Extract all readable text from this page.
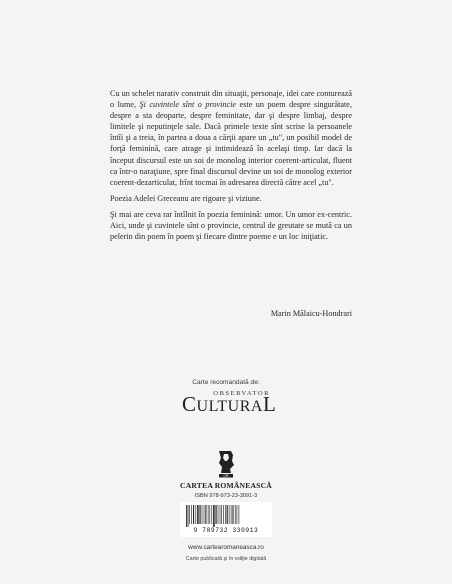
Cu un schelet narativ construit din situaţii, personaje, idei care conturează o lume, Şi cuvintele sînt o provincie este un poem despre singurătate, despre a sta deoparte, despre feminitate, dar şi despre limbaj, despre limitele şi neputinţele sale. Dacă primele texte sînt scrise la persoanele întîi şi a treia, în partea a doua a cărţii apare un „tu", un posibil model de forţă feminină, care atrage şi intimidează în acelaşi timp. Iar dacă la început discursul este un soi de monolog interior coerent-articulat, fluent ca într-o naraţiune, spre final discursul devine un soi de monolog exterior coerent-dezarticulat, frînt tocmai în adresarea directă către acel „tu".

Poezia Adelei Greceanu are rigoare şi viziune.

Şi mai are ceva rar întîlnit în poezia feminină: umor. Un umor ex-centric. Aici, unde şi cuvintele sînt o provincie, centrul de greutate se mută ca un pelerin din poem în poem şi fiecare dintre poeme e un loc iniţiatic.

Marin Mălaicu-Hondrari

Carte recomandată de:
OBSERVATOR
CULTURAL
CR
CARTEA ROMÂNEASCĂ
ISBN 978-973-23-3091-3
9 789732 330913
www.cartearomaneasca.ro
Carte publicată şi în ediţie digitală
